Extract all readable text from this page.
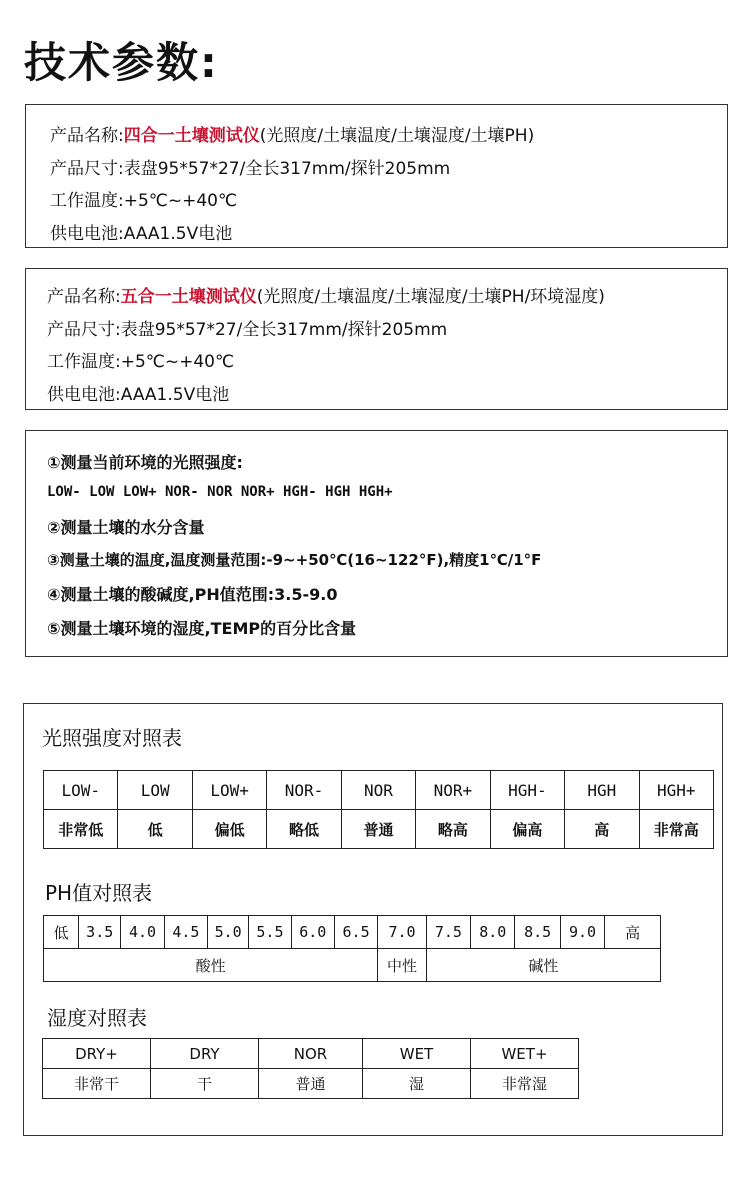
技术参数:
产品名称:四合一土壤测试仪(光照度/土壤温度/土壤湿度/土壤PH)
产品尺寸:表盘95*57*27/全长317mm/探针205mm
工作温度:+5℃~+40℃
供电电池:AAA1.5V电池
产品名称:五合一土壤测试仪(光照度/土壤温度/土壤湿度/土壤PH/环境湿度)
产品尺寸:表盘95*57*27/全长317mm/探针205mm
工作温度:+5℃~+40℃
供电电池:AAA1.5V电池
①测量当前环境的光照强度:
LOW- LOW LOW+ NOR- NOR NOR+ HGH- HGH HGH+
②测量土壤的水分含量
③测量土壤的温度,温度测量范围:-9~+50℃(16~122°F),精度1℃/1°F
④测量土壤的酸碱度,PH值范围:3.5-9.0
⑤测量土壤环境的湿度,TEMP的百分比含量
光照强度对照表
LOW-	LOW	LOW+	NOR-	NOR	NOR+	HGH-	HGH	HGH+
非常低	低	偏低	略低	普通	略高	偏高	高	非常高
PH值对照表
低	3.5	4.0	4.5	5.0	5.5	6.0	6.5	7.0	7.5	8.0	8.5	9.0	高
酸性								中性	碱性				
湿度对照表
DRY+	DRY	NOR	WET	WET+
非常干	干	普通	湿	非常湿
